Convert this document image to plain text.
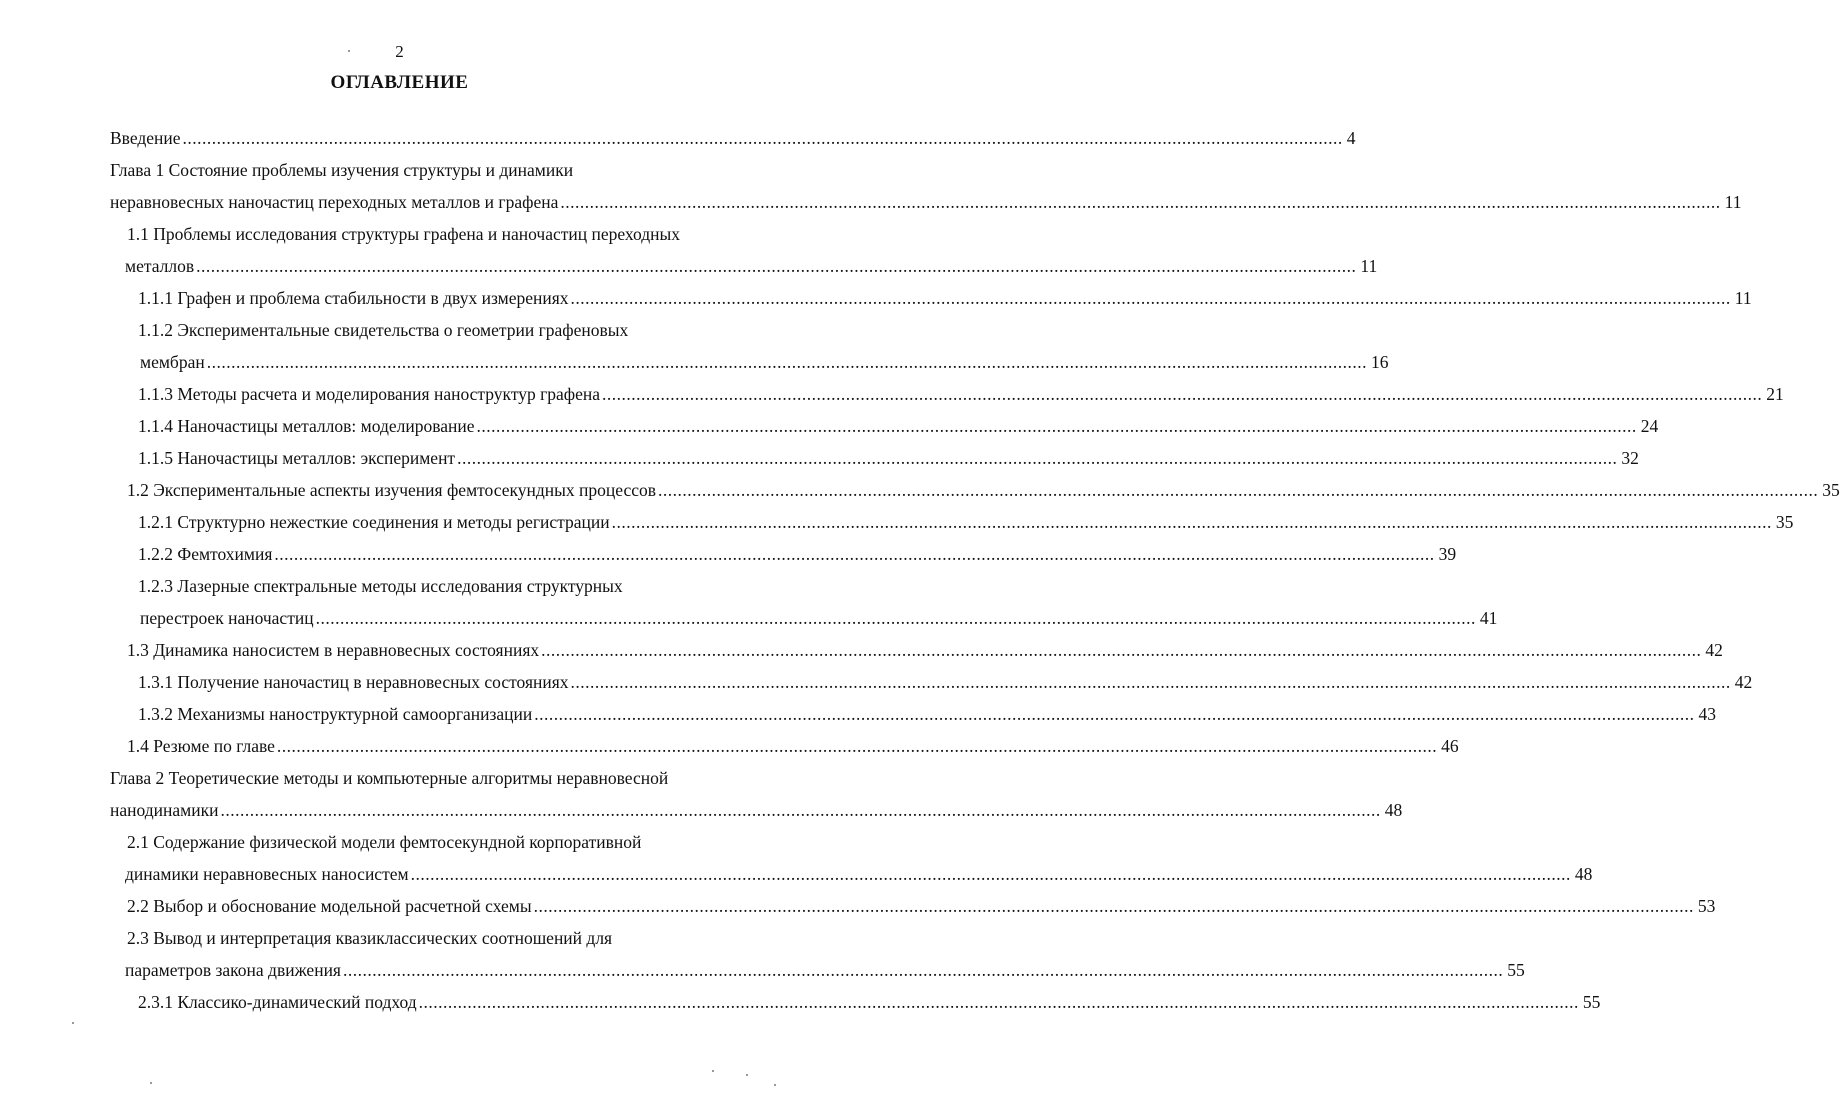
2
ОГЛАВЛЕНИЕ
Введение .............................................................................................................................................................................................................................................. 4
Глава 1 Состояние проблемы изучения структуры и динамики
неравновесных наночастиц переходных металлов и графена .............................................................................................................................................................................................................................................. 11
1.1 Проблемы исследования структуры графена и наночастиц переходных
металлов .............................................................................................................................................................................................................................................. 11
1.1.1 Графен и проблема стабильности в двух измерениях .............................................................................................................................................................................................................................................. 11
1.1.2 Экспериментальные свидетельства о геометрии графеновых
мембран .............................................................................................................................................................................................................................................. 16
1.1.3 Методы расчета и моделирования наноструктур графена .............................................................................................................................................................................................................................................. 21
1.1.4 Наночастицы металлов: моделирование .............................................................................................................................................................................................................................................. 24
1.1.5 Наночастицы металлов: эксперимент .............................................................................................................................................................................................................................................. 32
1.2 Экспериментальные аспекты изучения фемтосекундных процессов .............................................................................................................................................................................................................................................. 35
1.2.1 Структурно нежесткие соединения и методы регистрации .............................................................................................................................................................................................................................................. 35
1.2.2 Фемтохимия .............................................................................................................................................................................................................................................. 39
1.2.3 Лазерные спектральные методы исследования структурных
перестроек наночастиц .............................................................................................................................................................................................................................................. 41
1.3 Динамика наносистем в неравновесных состояниях .............................................................................................................................................................................................................................................. 42
1.3.1 Получение наночастиц в неравновесных состояниях .............................................................................................................................................................................................................................................. 42
1.3.2 Механизмы наноструктурной самоорганизации .............................................................................................................................................................................................................................................. 43
1.4 Резюме по главе .............................................................................................................................................................................................................................................. 46
Глава 2 Теоретические методы и компьютерные алгоритмы неравновесной
нанодинамики .............................................................................................................................................................................................................................................. 48
2.1 Содержание физической модели фемтосекундной корпоративной
динамики неравновесных наносистем .............................................................................................................................................................................................................................................. 48
2.2 Выбор и обоснование модельной расчетной схемы .............................................................................................................................................................................................................................................. 53
2.3 Вывод и интерпретация квазиклассических соотношений для
параметров закона движения .............................................................................................................................................................................................................................................. 55
2.3.1 Классико-динамический подход .............................................................................................................................................................................................................................................. 55
